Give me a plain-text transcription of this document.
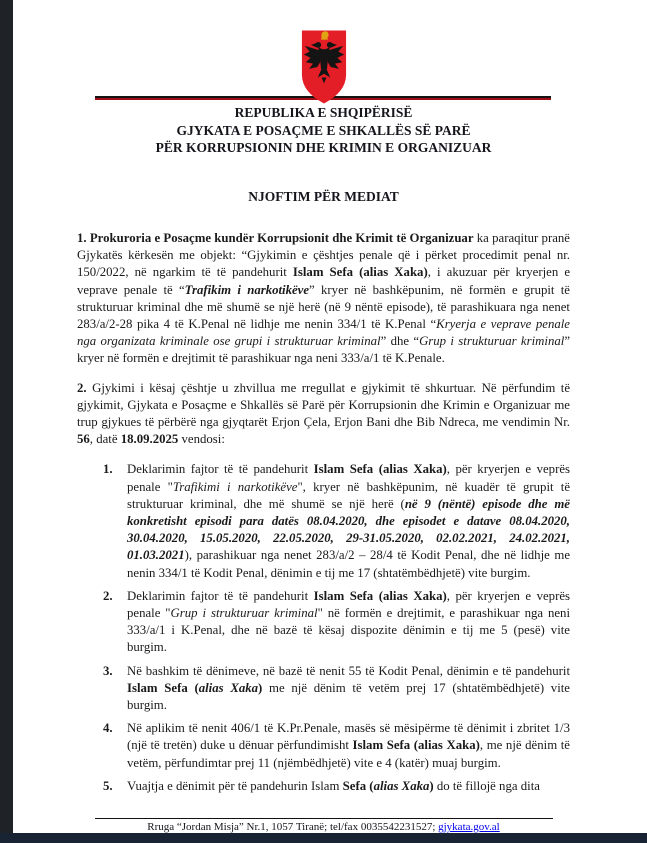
REPUBLIKA E SHQIPËRISË
GJYKATA E POSAÇME E SHKALLËS SË PARË
PËR KORRUPSIONIN DHE KRIMIN E ORGANIZUAR
NJOFTIM PËR MEDIAT

1. Prokuroria e Posaçme kundër Korrupsionit dhe Krimit të Organizuar ka paraqitur pranë Gjykatës kërkesën me objekt: “Gjykimin e çështjes penale që i përket procedimit penal nr. 150/2022, në ngarkim të të pandehurit Islam Sefa (alias Xaka), i akuzuar për kryerjen e veprave penale të “Trafikim i narkotikëve” kryer në bashkëpunim, në formën e grupit të strukturuar kriminal dhe më shumë se një herë (në 9 nëntë episode), të parashikuara nga nenet 283/a/2-28 pika 4 të K.Penal në lidhje me nenin 334/1 të K.Penal “Kryerja e veprave penale nga organizata kriminale ose grupi i strukturuar kriminal” dhe “Grup i strukturuar kriminal” kryer në formën e drejtimit të parashikuar nga neni 333/a/1 të K.Penale.

2. Gjykimi i kësaj çështje u zhvillua me rregullat e gjykimit të shkurtuar. Në përfundim të gjykimit, Gjykata e Posaçme e Shkallës së Parë për Korrupsionin dhe Krimin e Organizuar me trup gjykues të përbërë nga gjyqtarët Erjon Çela, Erjon Bani dhe Bib Ndreca, me vendimin Nr. 56, datë 18.09.2025 vendosi:

1.	Deklarimin fajtor të të pandehurit Islam Sefa (alias Xaka), për kryerjen e veprës penale "Trafikimi i narkotikëve", kryer në bashkëpunim, në kuadër të grupit të strukturuar kriminal, dhe më shumë se një herë (në 9 (nëntë) episode dhe më konkretisht episodi para datës 08.04.2020, dhe episodet e datave 08.04.2020, 30.04.2020, 15.05.2020, 22.05.2020, 29-31.05.2020, 02.02.2021, 24.02.2021, 01.03.2021), parashikuar nga nenet 283/a/2 – 28/4 të Kodit Penal, dhe në lidhje me nenin 334/1 të Kodit Penal, dënimin e tij me 17 (shtatëmbëdhjetë) vite burgim.
2.	Deklarimin fajtor të të pandehurit Islam Sefa (alias Xaka), për kryerjen e veprës penale "Grup i strukturuar kriminal" në formën e drejtimit, e parashikuar nga neni 333/a/1 i K.Penal, dhe në bazë të kësaj dispozite dënimin e tij me 5 (pesë) vite burgim.
3.	Në bashkim të dënimeve, në bazë të nenit 55 të Kodit Penal, dënimin e të pandehurit Islam Sefa (alias Xaka) me një dënim të vetëm prej 17 (shtatëmbëdhjetë) vite burgim.
4.	Në aplikim të nenit 406/1 të K.Pr.Penale, masës së mësipërme të dënimit i zbritet 1/3 (një të tretën) duke u dënuar përfundimisht Islam Sefa (alias Xaka), me një dënim të vetëm, përfundimtar prej 11 (njëmbëdhjetë) vite e 4 (katër) muaj burgim.
5.	Vuajtja e dënimit për të pandehurin Islam Sefa (alias Xaka) do të fillojë nga dita
Rruga “Jordan Misja” Nr.1, 1057 Tiranë; tel/fax 0035542231527; gjykata.gov.al
